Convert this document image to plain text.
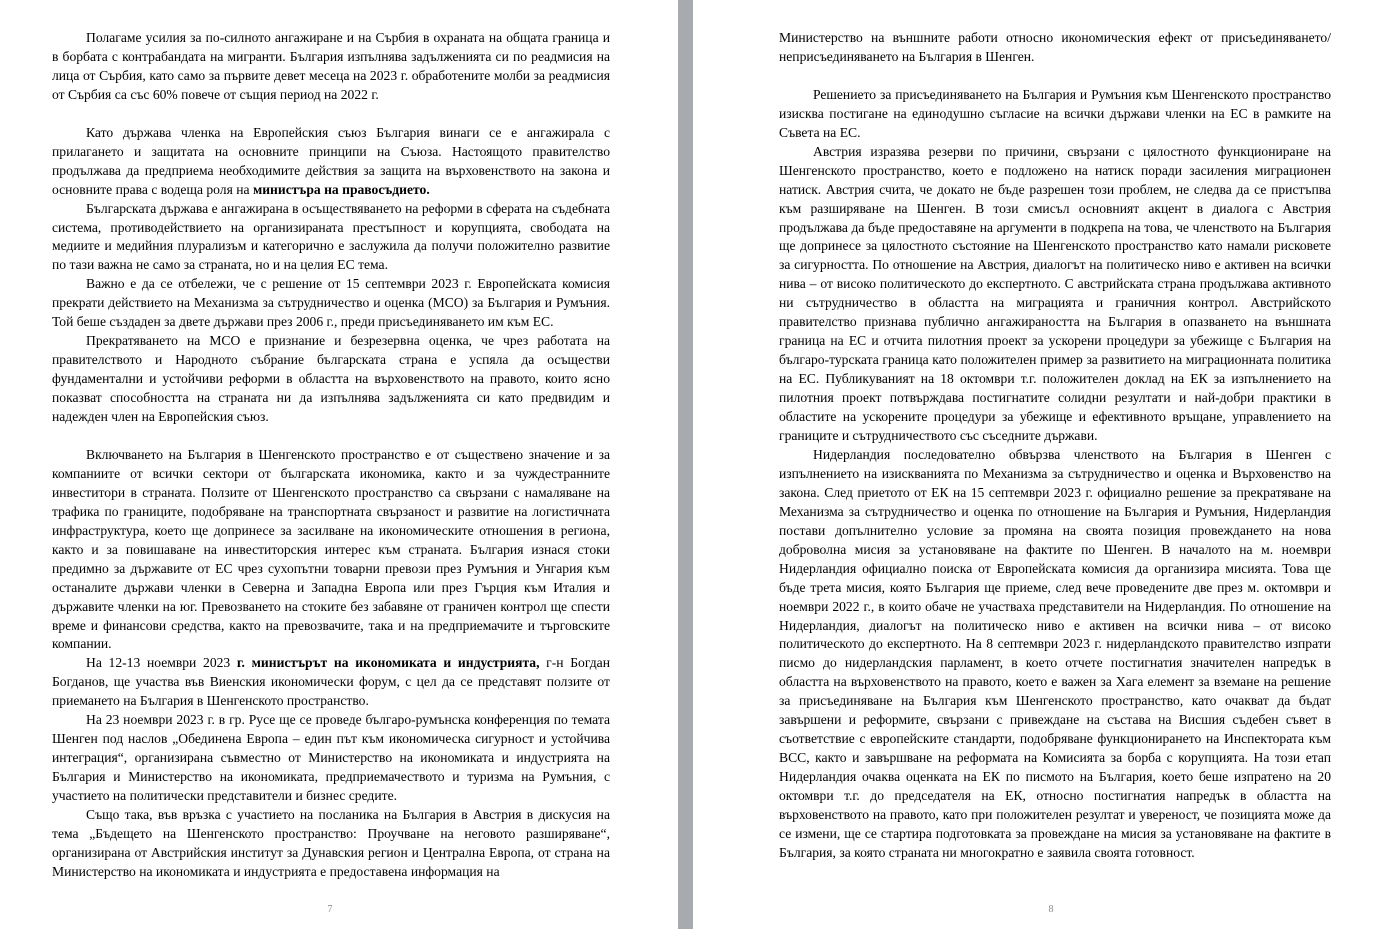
Полагаме усилия за по-силното ангажиране и на Сърбия в охраната на общата граница и в борбата с контрабандата на мигранти. България изпълнява задълженията си по реадмисия на лица от Сърбия, като само за първите девет месеца на 2023 г. обработените молби за реадмисия от Сърбия са със 60% повече от същия период на 2022 г.

Като държава членка на Европейския съюз България винаги се е ангажирала с прилагането и защитата на основните принципи на Съюза. Настоящото правителство продължава да предприема необходимите действия за защита на върховенството на закона и основните права с водеща роля на министъра на правосъдието.

Българската държава е ангажирана в осъществяването на реформи в сферата на съдебната система, противодействието на организираната престъпност и корупцията, свободата на медиите и медийния плурализъм и категорично е заслужила да получи положително развитие по тази важна не само за страната, но и на целия ЕС тема.

Важно е да се отбележи, че с решение от 15 септември 2023 г. Европейската комисия прекрати действието на Механизма за сътрудничество и оценка (МСО) за България и Румъния. Той беше създаден за двете държави през 2006 г., преди присъединяването им към ЕС.

Прекратяването на МСО е признание и безрезервна оценка, че чрез работата на правителството и Народното събрание българската страна е успяла да осъществи фундаментални и устойчиви реформи в областта на върховенството на правото, които ясно показват способността на страната ни да изпълнява задълженията си като предвидим и надежден член на Европейския съюз.

Включването на България в Шенгенското пространство е от съществено значение и за компаниите от всички сектори от българската икономика, както и за чуждестранните инвеститори в страната. Ползите от Шенгенското пространство са свързани с намаляване на трафика по границите, подобряване на транспортната свързаност и развитие на логистичната инфраструктура, което ще допринесе за засилване на икономическите отношения в региона, както и за повишаване на инвеститорския интерес към страната. България изнася стоки предимно за държавите от ЕС чрез сухопътни товарни превози през Румъния и Унгария към останалите държави членки в Северна и Западна Европа или през Гърция към Италия и държавите членки на юг. Превозването на стоките без забавяне от граничен контрол ще спести време и финансови средства, както на превозвачите, така и на предприемачите и търговските компании.

На 12-13 ноември 2023 г. министърът на икономиката и индустрията, г-н Богдан Богданов, ще участва във Виенския икономически форум, с цел да се представят ползите от приемането на България в Шенгенското пространство.

На 23 ноември 2023 г. в гр. Русе ще се проведе българо-румънска конференция по темата Шенген под наслов „Обединена Европа – един път към икономическа сигурност и устойчива интеграция“, организирана съвместно от Министерство на икономиката и индустрията на България и Министерство на икономиката, предприемачеството и туризма на Румъния, с участието на политически представители и бизнес средите.

Също така, във връзка с участието на посланика на България в Австрия в дискусия на тема „Бъдещето на Шенгенското пространство: Проучване на неговото разширяване“, организирана от Австрийския институт за Дунавския регион и Централна Европа, от страна на Министерство на икономиката и индустрията е предоставена информация на

7

Министерство на външните работи относно икономическия ефект от присъединяването/неприсъединяването на България в Шенген.

Решението за присъединяването на България и Румъния към Шенгенското пространство изисква постигане на единодушно съгласие на всички държави членки на ЕС в рамките на Съвета на ЕС.

Австрия изразява резерви по причини, свързани с цялостното функциониране на Шенгенското пространство, което е подложено на натиск поради засиления миграционен натиск. Австрия счита, че докато не бъде разрешен този проблем, не следва да се пристъпва към разширяване на Шенген. В този смисъл основният акцент в диалога с Австрия продължава да бъде предоставяне на аргументи в подкрепа на това, че членството на България ще допринесе за цялостното състояние на Шенгенското пространство като намали рисковете за сигурността. По отношение на Австрия, диалогът на политическо ниво е активен на всички нива – от високо политическото до експертното. С австрийската страна продължава активното ни сътрудничество в областта на миграцията и граничния контрол. Австрийското правителство признава публично ангажираността на България в опазването на външната граница на ЕС и отчита пилотния проект за ускорени процедури за убежище с България на българо-турската граница като положителен пример за развитието на миграционната политика на ЕС. Публикуваният на 18 октомври т.г. положителен доклад на ЕК за изпълнението на пилотния проект потвърждава постигнатите солидни резултати и най-добри практики в областите на ускорените процедури за убежище и ефективното връщане, управлението на границите и сътрудничеството със съседните държави.

Нидерландия последователно обвързва членството на България в Шенген с изпълнението на изискванията по Механизма за сътрудничество и оценка и Върховенство на закона. След приетото от ЕК на 15 септември 2023 г. официално решение за прекратяване на Механизма за сътрудничество и оценка по отношение на България и Румъния, Нидерландия постави допълнително условие за промяна на своята позиция провеждането на нова доброволна мисия за установяване на фактите по Шенген. В началото на м. ноември Нидерландия официално поиска от Европейската комисия да организира мисията. Това ще бъде трета мисия, която България ще приеме, след вече проведените две през м. октомври и ноември 2022 г., в които обаче не участваха представители на Нидерландия. По отношение на Нидерландия, диалогът на политическо ниво е активен на всички нива – от високо политическото до експертното. На 8 септември 2023 г. нидерландското правителство изпрати писмо до нидерландския парламент, в което отчете постигнатия значителен напредък в областта на върховенството на правото, което е важен за Хага елемент за вземане на решение за присъединяване на България към Шенгенското пространство, като очакват да бъдат завършени и реформите, свързани с привеждане на състава на Висшия съдебен съвет в съответствие с европейските стандарти, подобряване функционирането на Инспектората към ВСС, както и завършване на реформата на Комисията за борба с корупцията. На този етап Нидерландия очаква оценката на ЕК по писмото на България, което беше изпратено на 20 октомври т.г. до председателя на ЕК, относно постигнатия напредък в областта на върховенството на правото, като при положителен резултат и увереност, че позицията може да се измени, ще се стартира подготовката за провеждане на мисия за установяване на фактите в България, за която страната ни многократно е заявила своята готовност.

8
